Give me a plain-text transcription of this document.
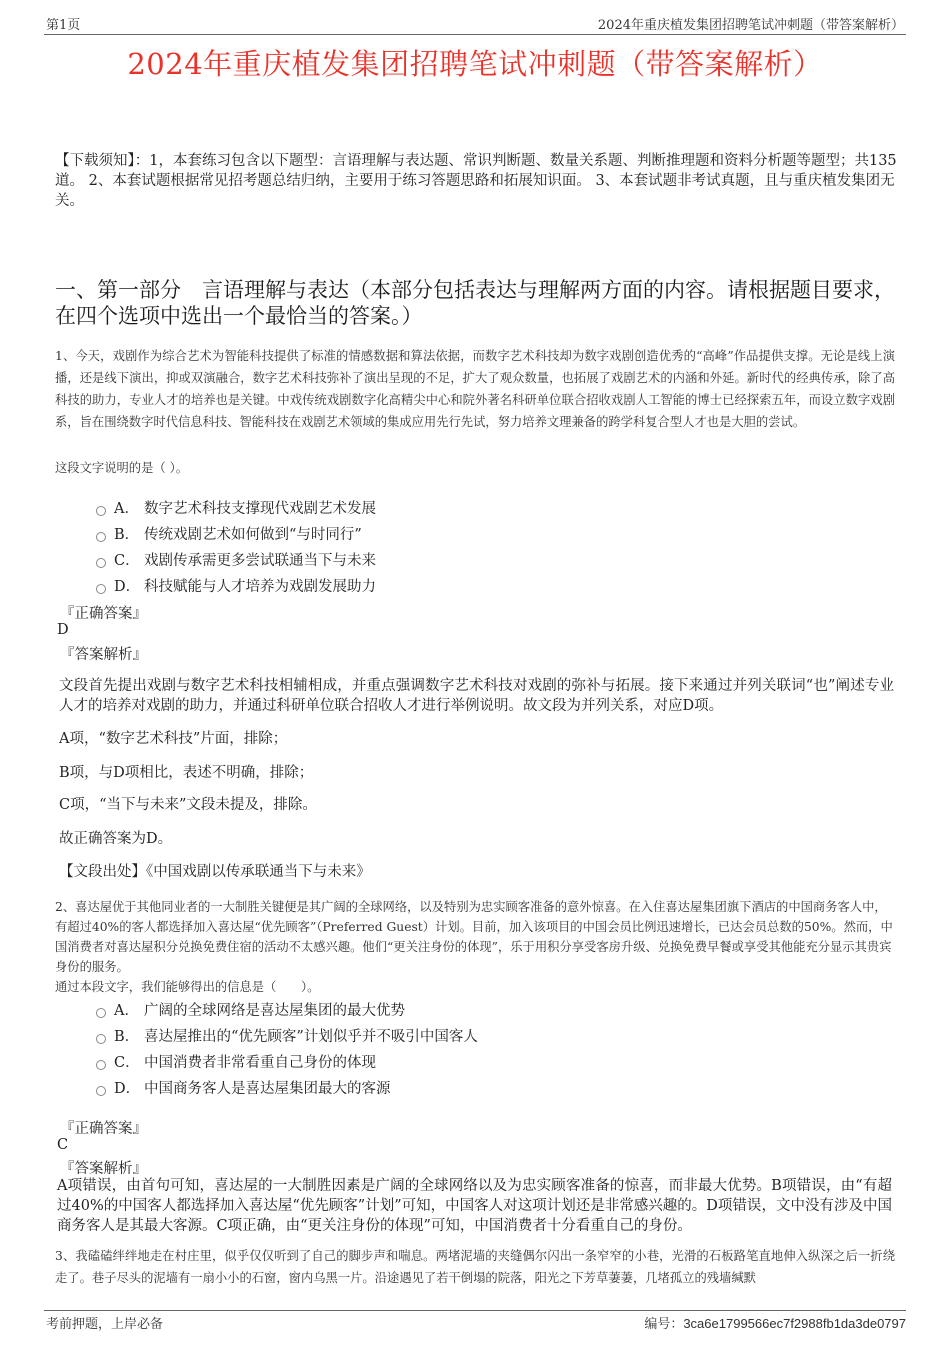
第1页	2024年重庆植发集团招聘笔试冲刺题（带答案解析）
2024年重庆植发集团招聘笔试冲刺题（带答案解析）
【下载须知】：1，本套练习包含以下题型：言语理解与表达题、常识判断题、数量关系题、判断推理题和资料分析题等题型；共135道。 2、本套试题根据常见招考题总结归纳，主要用于练习答题思路和拓展知识面。 3、本套试题非考试真题，且与重庆植发集团无关。
一、第一部分　言语理解与表达（本部分包括表达与理解两方面的内容。请根据题目要求，在四个选项中选出一个最恰当的答案。）
1、今天，戏剧作为综合艺术为智能科技提供了标准的情感数据和算法依据，而数字艺术科技却为数字戏剧创造优秀的“高峰”作品提供支撑。无论是线上演播，还是线下演出，抑或双演融合，数字艺术科技弥补了演出呈现的不足，扩大了观众数量，也拓展了戏剧艺术的内涵和外延。新时代的经典传承，除了高科技的助力，专业人才的培养也是关键。中戏传统戏剧数字化高精尖中心和院外著名科研单位联合招收戏剧人工智能的博士已经探索五年，而设立数字戏剧系，旨在围绕数字时代信息科技、智能科技在戏剧艺术领域的集成应用先行先试，努力培养文理兼备的跨学科复合型人才也是大胆的尝试。
这段文字说明的是（ ）。
A． 数字艺术科技支撑现代戏剧艺术发展
B． 传统戏剧艺术如何做到“与时同行”
C． 戏剧传承需更多尝试联通当下与未来
D． 科技赋能与人才培养为戏剧发展助力
『正确答案』
D
『答案解析』
文段首先提出戏剧与数字艺术科技相辅相成，并重点强调数字艺术科技对戏剧的弥补与拓展。接下来通过并列关联词“也”阐述专业人才的培养对戏剧的助力，并通过科研单位联合招收人才进行举例说明。故文段为并列关系，对应D项。
A项，“数字艺术科技”片面，排除；
B项，与D项相比，表述不明确，排除；
C项，“当下与未来”文段未提及，排除。
故正确答案为D。
【文段出处】《中国戏剧以传承联通当下与未来》
2、喜达屋优于其他同业者的一大制胜关键便是其广阔的全球网络，以及特别为忠实顾客准备的意外惊喜。在入住喜达屋集团旗下酒店的中国商务客人中，有超过40%的客人都选择加入喜达屋“优先顾客”（Preferred Guest）计划。目前，加入该项目的中国会员比例迅速增长，已达会员总数的50%。然而，中国消费者对喜达屋积分兑换免费住宿的活动不太感兴趣。他们“更关注身份的体现”，乐于用积分享受客房升级、兑换免费早餐或享受其他能充分显示其贵宾身份的服务。
通过本段文字，我们能够得出的信息是（　　）。
A． 广阔的全球网络是喜达屋集团的最大优势
B． 喜达屋推出的“优先顾客”计划似乎并不吸引中国客人
C． 中国消费者非常看重自己身份的体现
D． 中国商务客人是喜达屋集团最大的客源
『正确答案』
C
『答案解析』
A项错误，由首句可知，喜达屋的一大制胜因素是广阔的全球网络以及为忠实顾客准备的惊喜，而非最大优势。B项错误，由“有超过40%的中国客人都选择加入喜达屋“优先顾客”计划”可知，中国客人对这项计划还是非常感兴趣的。D项错误，文中没有涉及中国商务客人是其最大客源。C项正确，由“更关注身份的体现”可知，中国消费者十分看重自己的身份。
3、我磕磕绊绊地走在村庄里，似乎仅仅听到了自己的脚步声和喘息。两堵泥墙的夹缝偶尔闪出一条窄窄的小巷，光滑的石板路笔直地伸入纵深之后一折绕走了。巷子尽头的泥墙有一扇小小的石窗，窗内乌黑一片。沿途遇见了若干倒塌的院落，阳光之下芳草萋萋，几堵孤立的残墙缄默
考前押题，上岸必备	编号：3ca6e1799566ec7f2988fb1da3de0797
